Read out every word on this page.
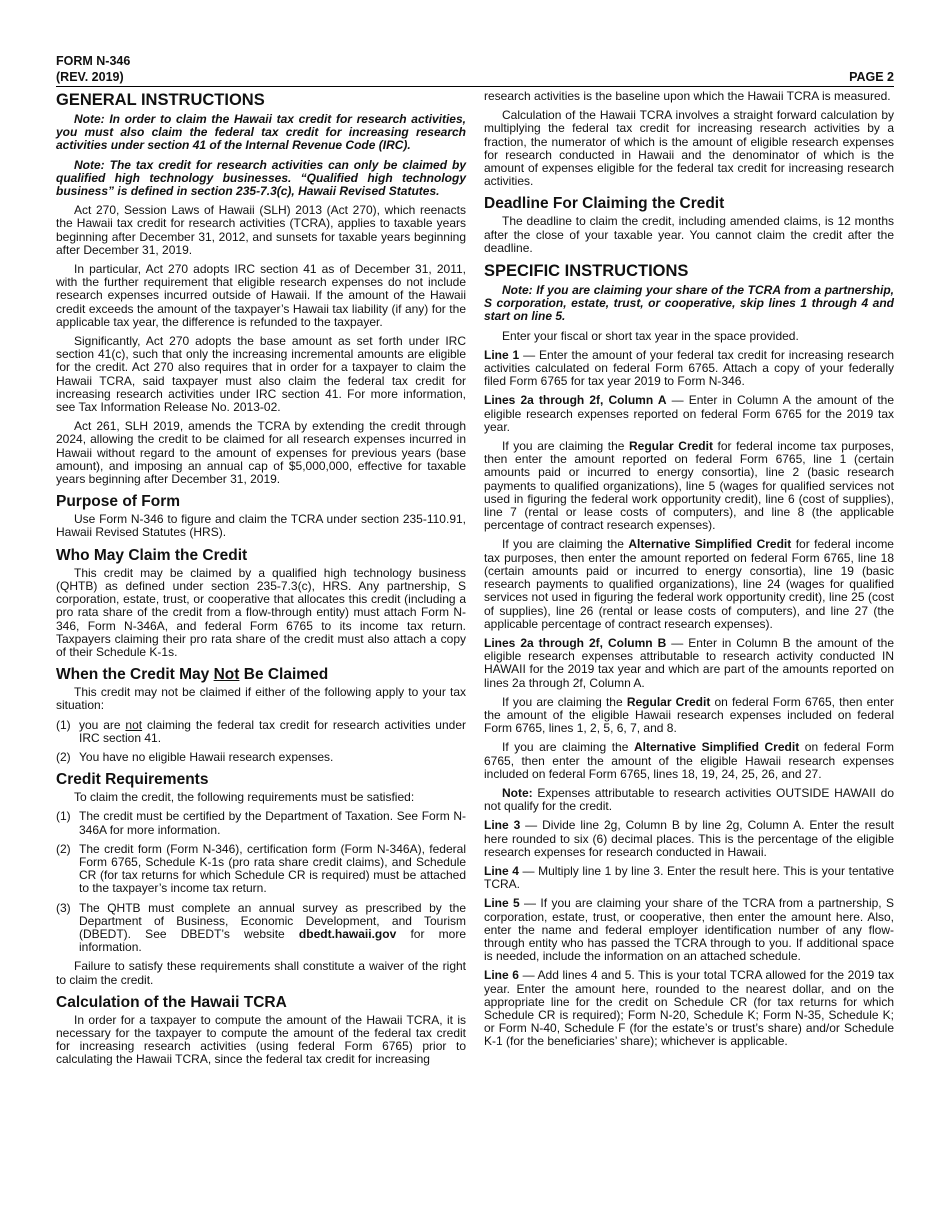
FORM N-346
(REV. 2019)	PAGE 2
GENERAL INSTRUCTIONS

Note: In order to claim the Hawaii tax credit for research activities, you must also claim the federal tax credit for increasing research activities under section 41 of the Internal Revenue Code (IRC).

Note: The tax credit for research activities can only be claimed by qualified high technology businesses. “Qualified high technology business” is defined in section 235-7.3(c), Hawaii Revised Statutes.

Act 270, Session Laws of Hawaii (SLH) 2013 (Act 270), which reenacts the Hawaii tax credit for research activities (TCRA), applies to taxable years beginning after December 31, 2012, and sunsets for taxable years beginning after December 31, 2019.

In particular, Act 270 adopts IRC section 41 as of December 31, 2011, with the further requirement that eligible research expenses do not include research expenses incurred outside of Hawaii. If the amount of the Hawaii credit exceeds the amount of the taxpayer’s Hawaii tax liability (if any) for the applicable tax year, the difference is refunded to the taxpayer.

Significantly, Act 270 adopts the base amount as set forth under IRC section 41(c), such that only the increasing incremental amounts are eligible for the credit. Act 270 also requires that in order for a taxpayer to claim the Hawaii TCRA, said taxpayer must also claim the federal tax credit for increasing research activities under IRC section 41. For more information, see Tax Information Release No. 2013-02.

Act 261, SLH 2019, amends the TCRA by extending the credit through 2024, allowing the credit to be claimed for all research expenses incurred in Hawaii without regard to the amount of expenses for previous years (base amount), and imposing an annual cap of $5,000,000, effective for taxable years beginning after December 31, 2019.

Purpose of Form

Use Form N-346 to figure and claim the TCRA under section 235-110.91, Hawaii Revised Statutes (HRS).

Who May Claim the Credit

This credit may be claimed by a qualified high technology business (QHTB) as defined under section 235-7.3(c), HRS. Any partnership, S corporation, estate, trust, or cooperative that allocates this credit (including a pro rata share of the credit from a flow-through entity) must attach Form N-346, Form N-346A, and federal Form 6765 to its income tax return. Taxpayers claiming their pro rata share of the credit must also attach a copy of their Schedule K-1s.

When the Credit May Not Be Claimed

This credit may not be claimed if either of the following apply to your tax situation:

(1) you are not claiming the federal tax credit for research activities under IRC section 41.
(2) You have no eligible Hawaii research expenses.
Credit Requirements

To claim the credit, the following requirements must be satisfied:

(1) The credit must be certified by the Department of Taxation. See Form N-346A for more information.
(2) The credit form (Form N-346), certification form (Form N-346A), federal Form 6765, Schedule K-1s (pro rata share credit claims), and Schedule CR (for tax returns for which Schedule CR is required) must be attached to the taxpayer’s income tax return.
(3) The QHTB must complete an annual survey as prescribed by the Department of Business, Economic Development, and Tourism (DBEDT). See DBEDT’s website dbedt.hawaii.gov for more information.

Failure to satisfy these requirements shall constitute a waiver of the right to claim the credit.

Calculation of the Hawaii TCRA

In order for a taxpayer to compute the amount of the Hawaii TCRA, it is necessary for the taxpayer to compute the amount of the federal tax credit for increasing research activities (using federal Form 6765) prior to calculating the Hawaii TCRA, since the federal tax credit for increasing

research activities is the baseline upon which the Hawaii TCRA is measured.

Calculation of the Hawaii TCRA involves a straight forward calculation by multiplying the federal tax credit for increasing research activities by a fraction, the numerator of which is the amount of eligible research expenses for research conducted in Hawaii and the denominator of which is the amount of expenses eligible for the federal tax credit for increasing research activities.

Deadline For Claiming the Credit

The deadline to claim the credit, including amended claims, is 12 months after the close of your taxable year. You cannot claim the credit after the deadline.

SPECIFIC INSTRUCTIONS

Note: If you are claiming your share of the TCRA from a partnership, S corporation, estate, trust, or cooperative, skip lines 1 through 4 and start on line 5.

Enter your fiscal or short tax year in the space provided.

Line 1 — Enter the amount of your federal tax credit for increasing research activities calculated on federal Form 6765. Attach a copy of your federally filed Form 6765 for tax year 2019 to Form N-346.

Lines 2a through 2f, Column A — Enter in Column A the amount of the eligible research expenses reported on federal Form 6765 for the 2019 tax year.

If you are claiming the Regular Credit for federal income tax purposes, then enter the amount reported on federal Form 6765, line 1 (certain amounts paid or incurred to energy consortia), line 2 (basic research payments to qualified organizations), line 5 (wages for qualified services not used in figuring the federal work opportunity credit), line 6 (cost of supplies), line 7 (rental or lease costs of computers), and line 8 (the applicable percentage of contract research expenses).

If you are claiming the Alternative Simplified Credit for federal income tax purposes, then enter the amount reported on federal Form 6765, line 18 (certain amounts paid or incurred to energy consortia), line 19 (basic research payments to qualified organizations), line 24 (wages for qualified services not used in figuring the federal work opportunity credit), line 25 (cost of supplies), line 26 (rental or lease costs of computers), and line 27 (the applicable percentage of contract research expenses).

Lines 2a through 2f, Column B — Enter in Column B the amount of the eligible research expenses attributable to research activity conducted IN HAWAII for the 2019 tax year and which are part of the amounts reported on lines 2a through 2f, Column A.

If you are claiming the Regular Credit on federal Form 6765, then enter the amount of the eligible Hawaii research expenses included on federal Form 6765, lines 1, 2, 5, 6, 7, and 8.

If you are claiming the Alternative Simplified Credit on federal Form 6765, then enter the amount of the eligible Hawaii research expenses included on federal Form 6765, lines 18, 19, 24, 25, 26, and 27.

Note: Expenses attributable to research activities OUTSIDE HAWAII do not qualify for the credit.

Line 3 — Divide line 2g, Column B by line 2g, Column A. Enter the result here rounded to six (6) decimal places. This is the percentage of the eligible research expenses for research conducted in Hawaii.

Line 4 — Multiply line 1 by line 3. Enter the result here. This is your tentative TCRA.

Line 5 — If you are claiming your share of the TCRA from a partnership, S corporation, estate, trust, or cooperative, then enter the amount here. Also, enter the name and federal employer identification number of any flow-through entity who has passed the TCRA through to you. If additional space is needed, include the information on an attached schedule.

Line 6 — Add lines 4 and 5. This is your total TCRA allowed for the 2019 tax year. Enter the amount here, rounded to the nearest dollar, and on the appropriate line for the credit on Schedule CR (for tax returns for which Schedule CR is required); Form N-20, Schedule K; Form N-35, Schedule K; or Form N-40, Schedule F (for the estate’s or trust’s share) and/or Schedule K-1 (for the beneficiaries’ share); whichever is applicable.
